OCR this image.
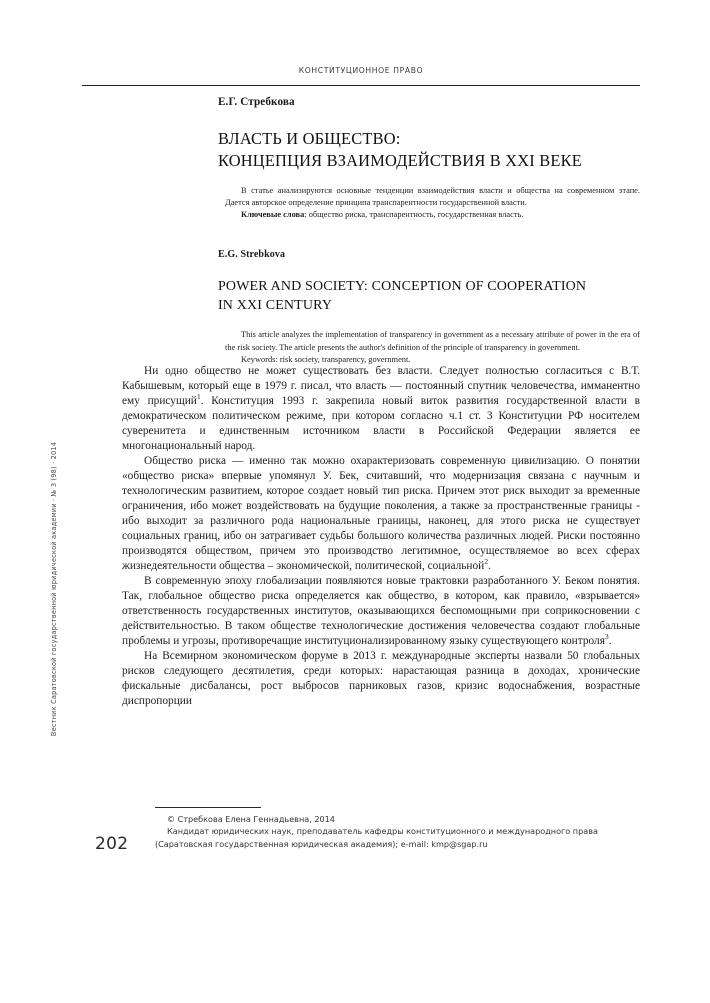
КОНСТИТУЦИОННОЕ ПРАВО
Вестник Саратовской государственной юридической академии · № 3 (98) · 2014
202
Е.Г. Стребкова
ВЛАСТЬ И ОБЩЕСТВО:
КОНЦЕПЦИЯ ВЗАИМОДЕЙСТВИЯ В XXI ВЕКЕ

В статье анализируются основные тенденции взаимодействия власти и общества на современном этапе. Дается авторское определение принципа транспарентности государственной власти.

Ключевые слова: общество риска, транспарентность, государственная власть.

E.G. Strebkova
POWER AND SOCIETY: CONCEPTION OF COOPERATION
IN XXI CENTURY

This article analyzes the implementation of transparency in government as a necessary attribute of power in the era of the risk society. The article presents the author's definition of the principle of transparency in government.

Keywords: risk society, transparency, government.

Ни одно общество не может существовать без власти. Следует полностью согласиться с В.Т. Кабышевым, который еще в 1979 г. писал, что власть — постоянный спутник человечества, имманентно ему присущий$^1$. Конституция 1993 г. закрепила новый виток развития государственной власти в демократическом политическом режиме, при котором согласно ч.1 ст. 3 Конституции РФ носителем суверенитета и единственным источником власти в Российской Федерации является ее многонациональный народ.

Общество риска — именно так можно охарактеризовать современную цивилизацию. О понятии «общество риска» впервые упомянул У. Бек, считавший, что модернизация связана с научным и технологическим развитием, которое создает новый тип риска. Причем этот риск выходит за временные ограничения, ибо может воздействовать на будущие поколения, а также за пространственные границы - ибо выходит за различного рода национальные границы, наконец, для этого риска не существует социальных границ, ибо он затрагивает судьбы большого количества различных людей. Риски постоянно производятся обществом, причем это производство легитимное, осуществляемое во всех сферах жизнедеятельности общества – экономической, политической, социальной$^2$.

В современную эпоху глобализации появляются новые трактовки разработанного У. Беком понятия. Так, глобальное общество риска определяется как общество, в котором, как правило, «взрывается» ответственность государственных институтов, оказывающихся беспомощными при соприкосновении с действительностью. В таком обществе технологические достижения человечества создают глобальные проблемы и угрозы, противоречащие институционализированному языку существующего контроля$^3$.

На Всемирном экономическом форуме в 2013 г. международные эксперты назвали 50 глобальных рисков следующего десятилетия, среди которых: нарастающая разница в доходах, хронические фискальные дисбалансы, рост выбросов парниковых газов, кризис водоснабжения, возрастные диспропорции

© Стребкова Елена Геннадьевна, 2014

Кандидат юридических наук, преподаватель кафедры конституционного и международного права

(Саратовская государственная юридическая академия); e-mail: kmp@sgap.ru
